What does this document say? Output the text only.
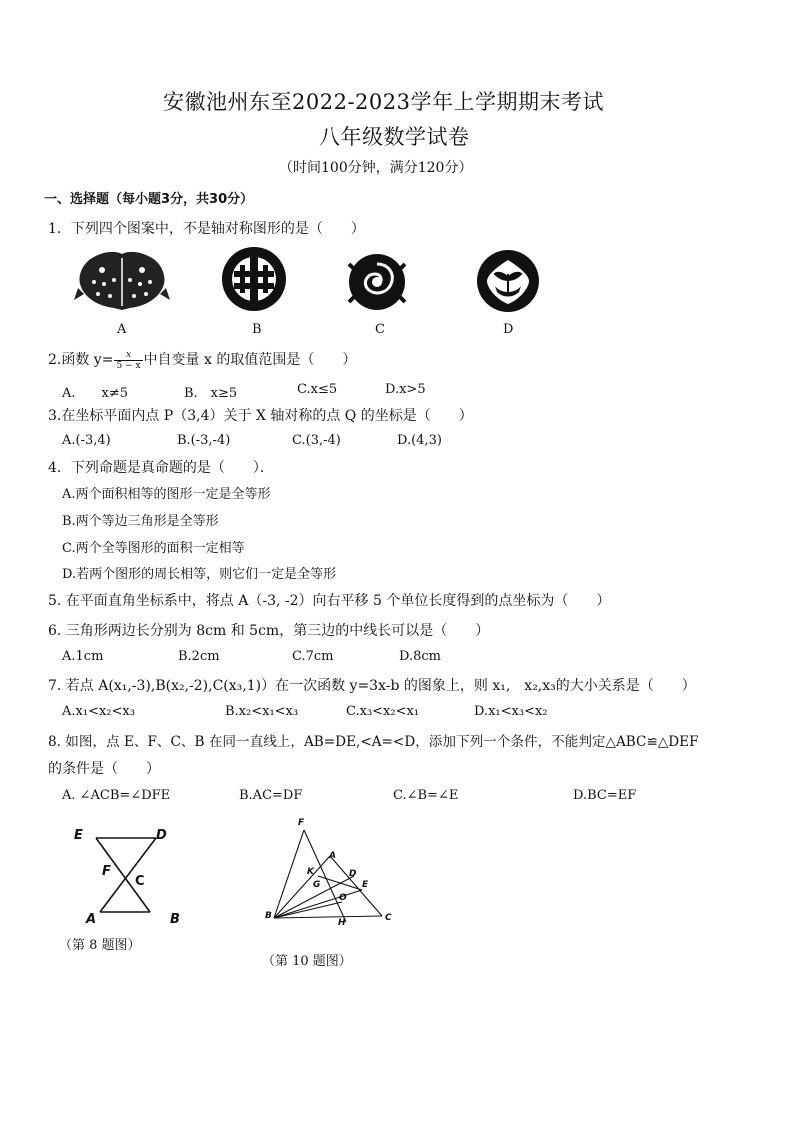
安徽池州东至2022-2023学年上学期期末考试
八年级数学试卷
（时间100分钟，满分120分）
一、选择题（每小题3分，共30分）
1．下列四个图案中，不是轴对称图形的是（　　）
A	B	C	D
2.函数 $y= \frac{x}{5 - x}$ 中自变量 x 的取值范围是（　　）
A.　　x≠5	B.　x≥5	C.x≤5	D.x>5
3.在坐标平面内点 P（3,4）关于 X 轴对称的点 Q 的坐标是（　　）
A.(-3,4)	B.(-3,-4)	C.(3,-4)	D.(4,3)
4．下列命题是真命题的是（　　）．
A.两个面积相等的图形一定是全等形
B.两个等边三角形是全等形
C.两个全等图形的面积一定相等
D.若两个图形的周长相等，则它们一定是全等形
5. 在平面直角坐标系中，将点 A（-3, -2）向右平移 5 个单位长度得到的点坐标为（　　）
6. 三角形两边长分别为 8cm 和 5cm，第三边的中线长可以是（　　）
A.1cm	B.2cm	C.7cm	D.8cm
7. 若点 A(x₁,-3),B(x₂,-2),C(x₃,1)）在一次函数 y=3x-b 的图象上，则 x₁,　x₂,x₃的大小关系是（　　）
A.x₁<x₂<x₃	B.x₂<x₁<x₃	C.x₃<x₂<x₁	D.x₁<x₃<x₂
8. 如图，点 E、F、C、B 在同一直线上，AB=DE,<A=<D，添加下列一个条件，不能判定△ABC≌△DEF
的条件是（　　）
A. ∠ACB=∠DFE	B.AC=DF	C.∠B=∠E	D.BC=EF
E	D
F
C
A	B
（第 8 题图）
F
A
K	D
G	E
O
B
H	C
（第 10 题图）
